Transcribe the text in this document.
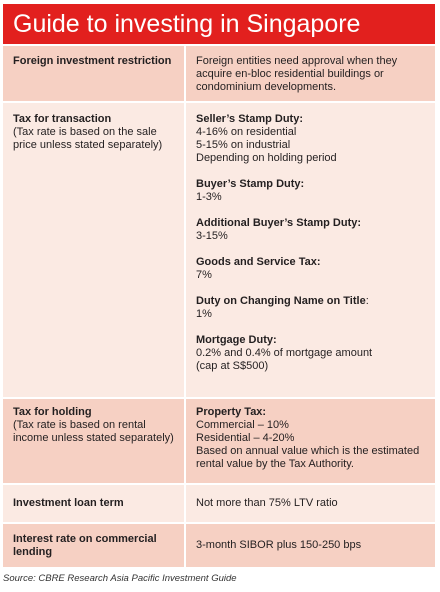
Guide to investing in Singapore
Foreign investment restriction	Foreign entities need approval when they acquire en-bloc residential buildings or condominium developments.
Tax for transaction
(Tax rate is based on the sale price unless stated separately)
Seller’s Stamp Duty:
4-16% on residential
5-15% on industrial
Depending on holding period
Buyer’s Stamp Duty:
1-3%
Additional Buyer’s Stamp Duty:
3-15%
Goods and Service Tax:
7%
Duty on Changing Name on Title:
1%
Mortgage Duty:
0.2% and 0.4% of mortgage amount
(cap at S$500)
Tax for holding
(Tax rate is based on rental income unless stated separately)
Property Tax:
Commercial – 10%
Residential – 4-20%
Based on annual value which is the estimated rental value by the Tax Authority.
Investment loan term	Not more than 75% LTV ratio
Interest rate on commercial lending
3-month SIBOR plus 150-250 bps
Source: CBRE Research Asia Pacific Investment Guide
